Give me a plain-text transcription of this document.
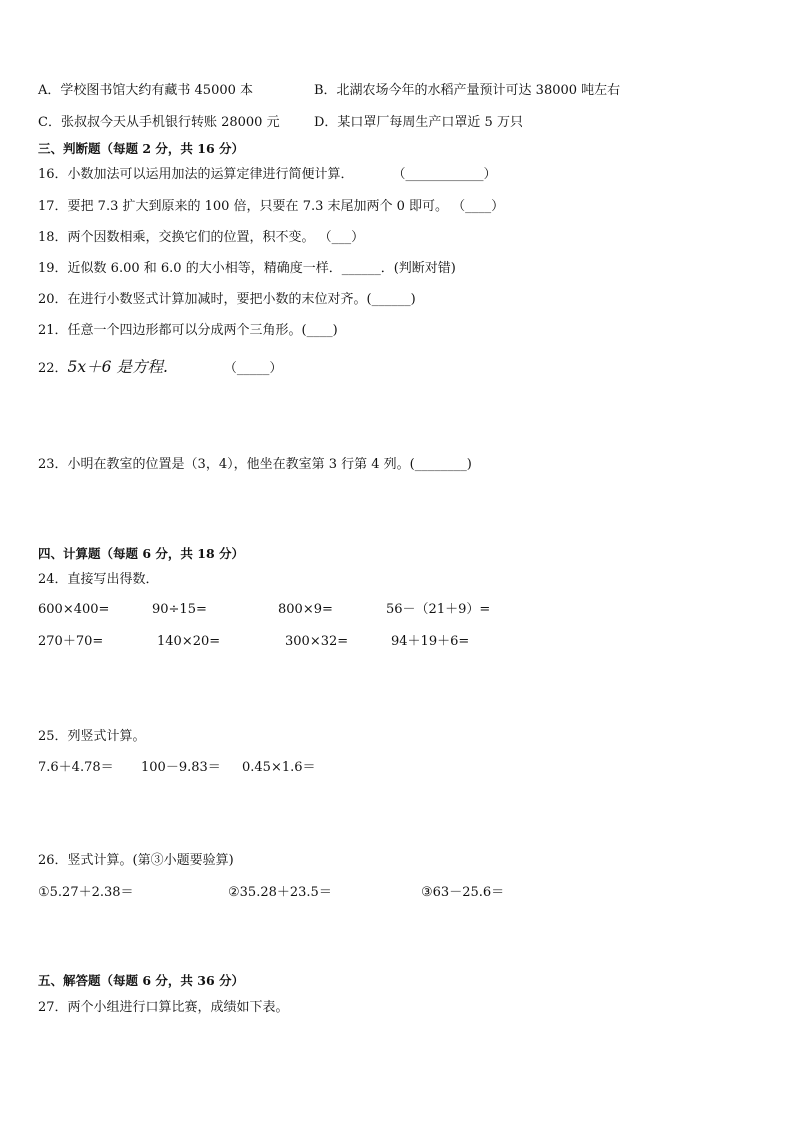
A．学校图书馆大约有藏书 45000 本	B．北湖农场今年的水稻产量预计可达 38000 吨左右
C．张叔叔今天从手机银行转账 28000 元	D．某口罩厂每周生产口罩近 5 万只
三、判断题（每题 2 分，共 16 分）
16．小数加法可以运用加法的运算定律进行简便计算．　　　　（____________）
17．要把 7.3 扩大到原来的 100 倍，只要在 7.3 末尾加两个 0 即可。 （____）
18．两个因数相乘，交换它们的位置，积不变。 （___）
19．近似数 6.00 和 6.0 的大小相等，精确度一样．______．(判断对错)
20．在进行小数竖式计算加减时，要把小数的末位对齐。(______)
21．任意一个四边形都可以分成两个三角形。(____)
22．5x＋6 是方程.	（_____）
23．小明在教室的位置是（3，4），他坐在教室第 3 行第 4 列。(________)
四、计算题（每题 6 分，共 18 分）
24．直接写出得数．
600×400=	90÷15=	800×9=	56－（21＋9）=
270＋70=	140×20=	300×32=	94＋19＋6=
25．列竖式计算。
7.6＋4.78＝ 100－9.83＝ 0.45×1.6＝
26．竖式计算。(第③小题要验算)
①5.27＋2.38＝	②35.28＋23.5＝	③63－25.6＝
五、解答题（每题 6 分，共 36 分）
27．两个小组进行口算比赛，成绩如下表。
